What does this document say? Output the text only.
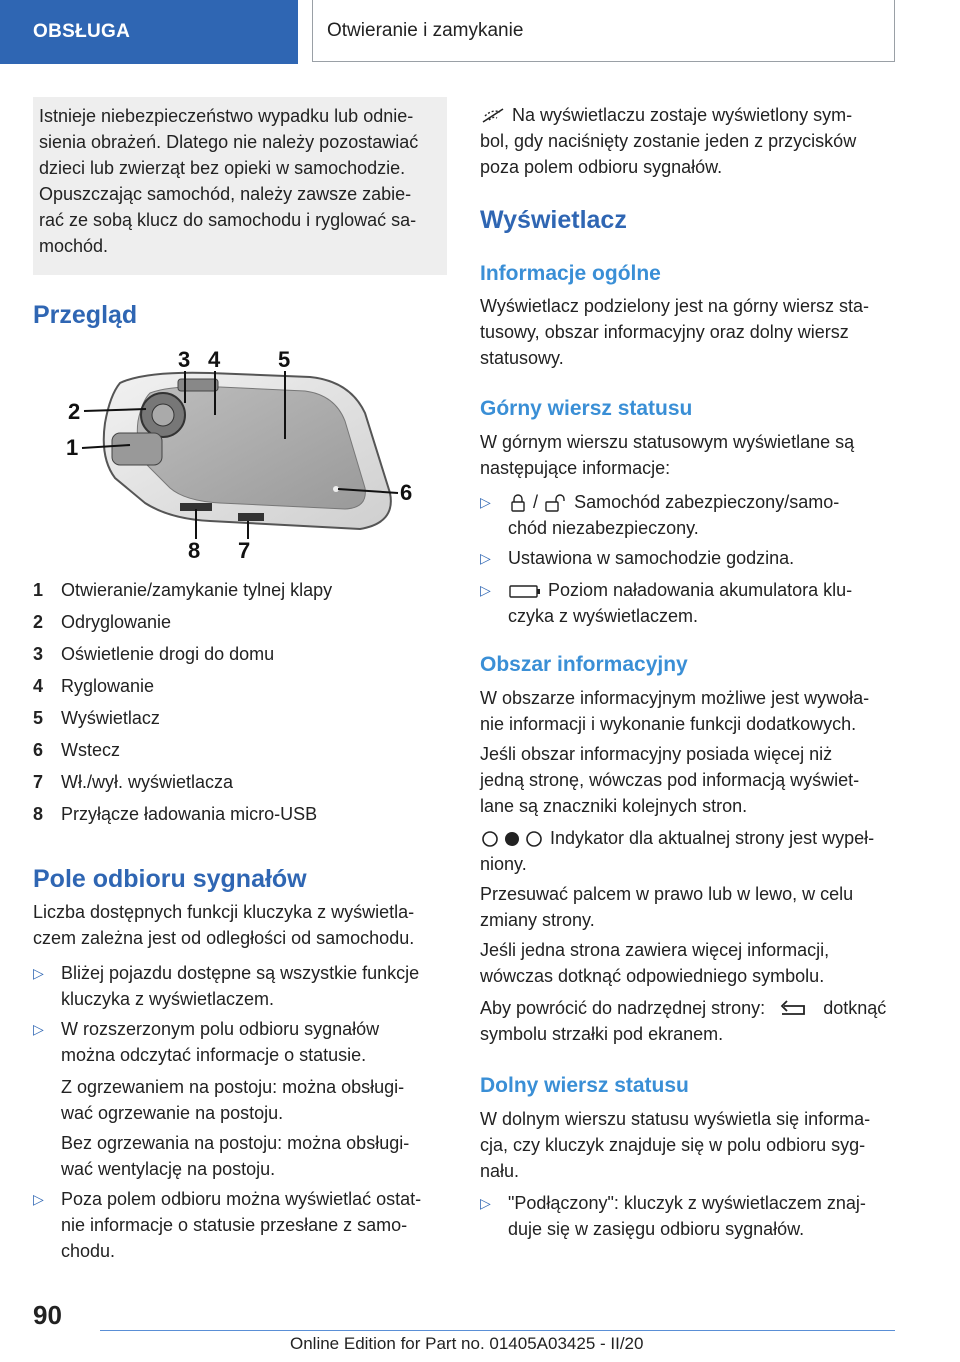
OBSŁUGA	Otwieranie i zamykanie

Istnieje niebezpieczeństwo wypadku lub odnie-

sienia obrażeń. Dlatego nie należy pozostawiać

dzieci lub zwierząt bez opieki w samochodzie.

Opuszczając samochód, należy zawsze zabie-

rać ze sobą klucz do samochodu i ryglować sa-

mochód.

Przegląd
1
2
3 4	5
6
7
8
1 Otwieranie/zamykanie tylnej klapy
2 Odryglowanie
3 Oświetlenie drogi do domu
4 Ryglowanie
5 Wyświetlacz
6 Wstecz
7 Wł./wył. wyświetlacza
8 Przyłącze ładowania micro-USB
Pole odbioru sygnałów

Liczba dostępnych funkcji kluczyka z wyświetla-

czem zależna jest od odległości od samochodu.

▷ Bliżej pojazdu dostępne są wszystkie funkcje

kluczyka z wyświetlaczem.

▷ W rozszerzonym polu odbioru sygnałów

można odczytać informacje o statusie.

Z ogrzewaniem na postoju: można obsługi-

wać ogrzewanie na postoju.

Bez ogrzewania na postoju: można obsługi-

wać wentylację na postoju.

▷ Poza polem odbioru można wyświetlać ostat-

nie informacje o statusie przesłane z samo-

chodu.

Na wyświetlaczu zostaje wyświetlony sym-

bol, gdy naciśnięty zostanie jeden z przycisków

poza polem odbioru sygnałów.

Wyświetlacz
Informacje ogólne

Wyświetlacz podzielony jest na górny wiersz sta-

tusowy, obszar informacyjny oraz dolny wiersz

statusowy.

Górny wiersz statusu

W górnym wierszu statusowym wyświetlane są

następujące informacje:

▷	/ Samochód zabezpieczony/samo-

chód niezabezpieczony.

▷ Ustawiona w samochodzie godzina.

▷	Poziom naładowania akumulatora klu-

czyka z wyświetlaczem.

Obszar informacyjny

W obszarze informacyjnym możliwe jest wywoła-

nie informacji i wykonanie funkcji dodatkowych.

Jeśli obszar informacyjny posiada więcej niż

jedną stronę, wówczas pod informacją wyświet-

lane są znaczniki kolejnych stron.

Indykator dla aktualnej strony jest wypeł-

niony.

Przesuwać palcem w prawo lub w lewo, w celu

zmiany strony.

Jeśli jedna strona zawiera więcej informacji,

wówczas dotknąć odpowiedniego symbolu.

Aby powrócić do nadrzędnej strony:	dotknąć

symbolu strzałki pod ekranem.

Dolny wiersz statusu

W dolnym wierszu statusu wyświetla się informa-

cja, czy kluczyk znajduje się w polu odbioru syg-

nału.

▷ "Podłączony": kluczyk z wyświetlaczem znaj-

duje się w zasięgu odbioru sygnałów.

90
Online Edition for Part no. 01405A03425 - II/20
